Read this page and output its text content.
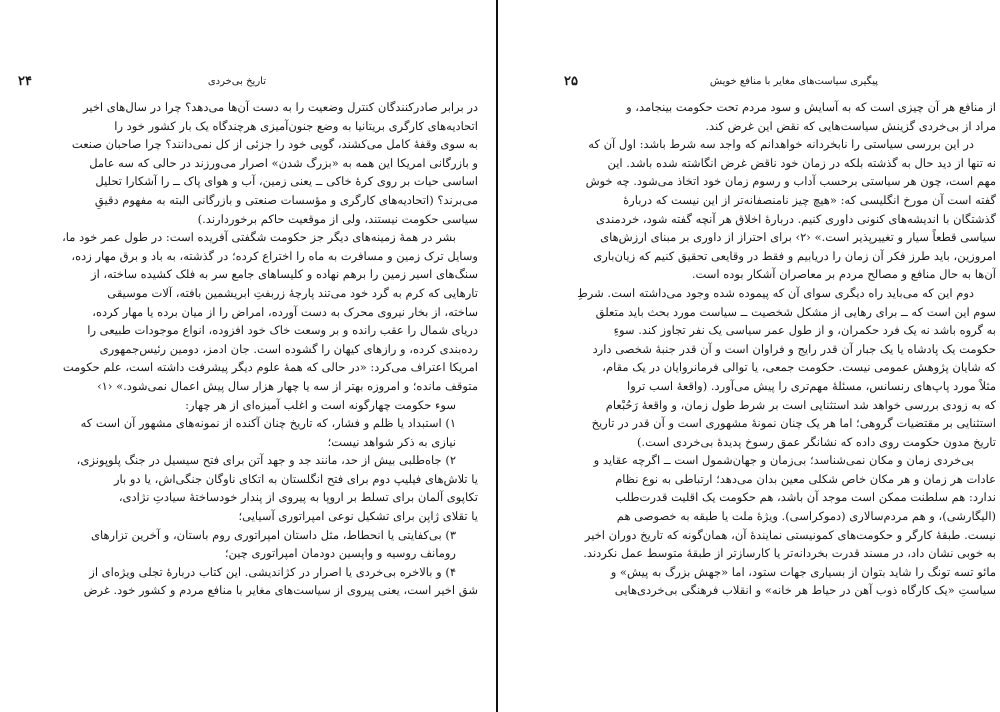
۲۴	تاریخ بی‌خردی
در برابر صادرکنندگان کنترل وضعیت را به دست آن‌ها می‌دهد؟ چرا در سال‌های اخیر
اتحادیه‌های کارگری بریتانیا به وضع جنون‌آمیزی هرچندگاه یک بار کشور خود را
به سوی وقفهٔ کامل می‌کشند، گویی خود را جزئی از کل نمی‌دانند؟ چرا صاحبان صنعت
و بازرگانی امریکا این همه به «بزرگ شدن» اصرار می‌ورزند در حالی که سه عامل
اساسی حیات بر روی کرهٔ خاکی ــ یعنی زمین، آب و هوای پاک ــ را آشکارا تحلیل
می‌برند؟ (اتحادیه‌های کارگری و مؤسسات صنعتی و بازرگانی البته به مفهوم دقیقِ
سیاسی حکومت نیستند، ولی از موقعیت حاکم برخوردارند.)
بشر در همهٔ زمینه‌های دیگر جز حکومت شگفتی آفریده است: در طول عمر خود ما،
وسایل ترک زمین و مسافرت به ماه را اختراع کرده؛ در گذشته، به باد و برق مهار زده،
سنگ‌های اسیر زمین را برهم نهاده و کلیساهای جامع سر به فلک کشیده ساخته، از
تارهایی که کرم به گرد خود می‌تند پارچهٔ زربفتِ ابریشمین بافته، آلات موسیقی
ساخته، از بخار نیروی محرک به دست آورده، امراض را از میان برده یا مهار کرده،
دریای شمال را عقب رانده و بر وسعت خاک خود افزوده، انواع موجودات طبیعی را
رده‌بندی کرده، و رازهای کیهان را گشوده است. جان ادمز، دومین رئیس‌جمهوری
امریکا اعتراف می‌کرد: «در حالی که همهٔ علوم دیگر پیشرفت داشته است، علم حکومت
متوقف مانده؛ و امروزه بهتر از سه یا چهار هزار سال پیش اعمال نمی‌شود.» ‹۱›
سوء حکومت چهارگونه است و اغلب آمیزه‌ای از هر چهار:
۱) استبداد یا ظلم و فشار، که تاریخ چنان آکنده از نمونه‌های مشهور آن است که
نیازی به ذکر شواهد نیست؛
۲) جاه‌طلبی بیش از حد، مانند جد و جهد آتن برای فتح سیسیل در جنگ پلوپونزی،
یا تلاش‌های فیلیپ دوم برای فتح انگلستان به اتکای ناوگان جنگی‌اش، یا دو بار
تکاپوی آلمان برای تسلط بر اروپا به پیروی از پندار خودساختهٔ سیادتِ نژادی،
یا تقلای ژاپن برای تشکیل نوعی امپراتوری آسیایی؛
۳) بی‌کفایتی یا انحطاط، مثل داستان امپراتوری روم باستان، و آخرین تزارهای
رومانف روسیه و واپسین دودمان امپراتوری چین؛
۴) و بالاخره بی‌خردی یا اصرار در کژاندیشی. این کتاب دربارهٔ تجلی ویژه‌ای از
شق اخیر است، یعنی پیروی از سیاست‌های مغایر با منافع مردم و کشور خود. غرض
۲۵	پیگیری سیاست‌های مغایر با منافع خویش
از منافع هر آن چیزی است که به آسایش و سود مردم تحت حکومت بینجامد، و
مراد از بی‌خردی گزینش سیاست‌هایی که نقض این غرض کند.
در این بررسی سیاستی را نابخردانه خواهدانم که واجد سه شرط باشد: اول آن که
نه تنها از دید حال به گذشته بلکه در زمان خود ناقض غرض انگاشته شده باشد. این
مهم است، چون هر سیاستی برحسب آداب و رسوم زمان خود اتخاذ می‌شود. چه خوش
گفته است آن مورخ انگلیسی که: «هیچ چیز نامنصفانه‌تر از این نیست که دربارهٔ
گذشتگان با اندیشه‌های کنونی داوری کنیم. دربارهٔ اخلاق هر آنچه گفته شود، خردمندی
سیاسی قطعاً سیار و تغییرپذیر است.» ‹۲› برای احتراز از داوری بر مبنای ارزش‌های
امروزین، باید طرز فکر آن زمان را دریابیم و فقط در وقایعی تحقیق کنیم که زیان‌باری
آن‌ها به حال منافع و مصالح مردم بر معاصران آشکار بوده است.
دوم این که می‌باید راه دیگری سوای آن که پیموده شده وجود می‌داشته است. شرطِ
سوم این است که ــ برای رهایی از مشکل شخصیت ــ سیاست مورد بحث باید متعلق
به گروه باشد نه یک فرد حکمران، و از طول عمر سیاسی یک نفر تجاوز کند. سوءِ
حکومت یک پادشاه یا یک جبار آن قدر رایج و فراوان است و آن قدر جنبهٔ شخصی دارد
که شایان پژوهش عمومی نیست. حکومت جمعی، یا توالی فرمانروایان در یک مقام،
مثلاً مورد پاپ‌های رنسانس، مسئلهٔ مهم‌تری را پیش می‌آورد. (واقعهٔ اسب تروا
که به زودی بررسی خواهد شد استثنایی است بر شرط طول زمان، و واقعهٔ رَحُبْعام
استثنایی بر مقتضیات گروهی؛ اما هر یک چنان نمونهٔ مشهوری است و آن قدر در تاریخ
تاریخ مدون حکومت روی داده که نشانگر عمق رسوخ پدیدهٔ بی‌خردی است.)
بی‌خردی زمان و مکان نمی‌شناسد؛ بی‌زمان و جهان‌شمول است ــ اگرچه عقاید و
عادات هر زمان و هر مکان خاص شکلی معین بدان می‌دهد؛ ارتباطی به نوع نظام
ندارد: هم سلطنت ممکن است موجد آن باشد، هم حکومت یک اقلیت قدرت‌طلب
(الیگارشی)، و هم مردم‌سالاری (دموکراسی). ویژهٔ ملت یا طبقه به خصوصی هم
نیست. طبقهٔ کارگر و حکومت‌های کمونیستی نمایندهٔ آن، همان‌گونه که تاریخ دوران اخیر
به خوبی نشان داد، در مسند قدرت بخردانه‌تر یا کارسازتر از طبقهٔ متوسط عمل نکردند.
مائو تسه تونگ را شاید بتوان از بسیاری جهات ستود، اما «جهش بزرگ به پیش» و
سیاستِ «یک کارگاه ذوب آهن در حیاط هر خانه» و انقلاب فرهنگی بی‌خردی‌هایی
